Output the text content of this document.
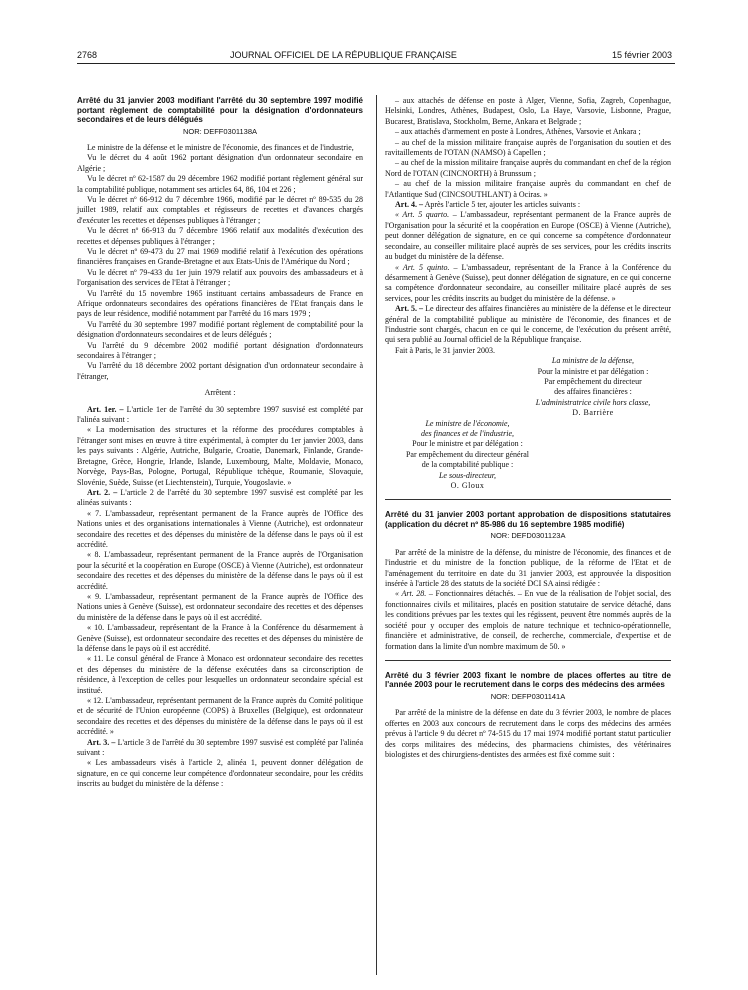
2768	JOURNAL OFFICIEL DE LA RÉPUBLIQUE FRANÇAISE	15 février 2003

Arrêté du 31 janvier 2003 modifiant l'arrêté du 30 septembre 1997 modifié portant règlement de comptabilité pour la désignation d'ordonnateurs secondaires et de leurs délégués

NOR: DEFF0301138A

Le ministre de la défense et le ministre de l'économie, des finances et de l'industrie,

Vu le décret du 4 août 1962 portant désignation d'un ordonnateur secondaire en Algérie ;

Vu le décret nº 62-1587 du 29 décembre 1962 modifié portant règlement général sur la comptabilité publique, notamment ses articles 64, 86, 104 et 226 ;

Vu le décret nº 66-912 du 7 décembre 1966, modifié par le décret nº 89-535 du 28 juillet 1989, relatif aux comptables et régisseurs de recettes et d'avances chargés d'exécuter les recettes et dépenses publiques à l'étranger ;

Vu le décret nº 66-913 du 7 décembre 1966 relatif aux modalités d'exécution des recettes et dépenses publiques à l'étranger ;

Vu le décret nº 69-473 du 27 mai 1969 modifié relatif à l'exécution des opérations financières françaises en Grande-Bretagne et aux Etats-Unis de l'Amérique du Nord ;

Vu le décret nº 79-433 du 1er juin 1979 relatif aux pouvoirs des ambassadeurs et à l'organisation des services de l'Etat à l'étranger ;

Vu l'arrêté du 15 novembre 1965 instituant certains ambassadeurs de France en Afrique ordonnateurs secondaires des opérations financières de l'Etat français dans le pays de leur résidence, modifié notamment par l'arrêté du 16 mars 1979 ;

Vu l'arrêté du 30 septembre 1997 modifié portant règlement de comptabilité pour la désignation d'ordonnateurs secondaires et de leurs délégués ;

Vu l'arrêté du 9 décembre 2002 modifié portant désignation d'ordonnateurs secondaires à l'étranger ;

Vu l'arrêté du 18 décembre 2002 portant désignation d'un ordonnateur secondaire à l'étranger,

Arrêtent :

Art. 1er. – L'article 1er de l'arrêté du 30 septembre 1997 susvisé est complété par l'alinéa suivant :

« La modernisation des structures et la réforme des procédures comptables à l'étranger sont mises en œuvre à titre expérimental, à compter du 1er janvier 2003, dans les pays suivants : Algérie, Autriche, Bulgarie, Croatie, Danemark, Finlande, Grande-Bretagne, Grèce, Hongrie, Irlande, Islande, Luxembourg, Malte, Moldavie, Monaco, Norvège, Pays-Bas, Pologne, Portugal, République tchèque, Roumanie, Slovaquie, Slovénie, Suède, Suisse (et Liechtenstein), Turquie, Yougoslavie. »

Art. 2. – L'article 2 de l'arrêté du 30 septembre 1997 susvisé est complété par les alinéas suivants :

« 7. L'ambassadeur, représentant permanent de la France auprès de l'Office des Nations unies et des organisations internationales à Vienne (Autriche), est ordonnateur secondaire des recettes et des dépenses du ministère de la défense dans le pays où il est accrédité.

« 8. L'ambassadeur, représentant permanent de la France auprès de l'Organisation pour la sécurité et la coopération en Europe (OSCE) à Vienne (Autriche), est ordonnateur secondaire des recettes et des dépenses du ministère de la défense dans le pays où il est accrédité.

« 9. L'ambassadeur, représentant permanent de la France auprès de l'Office des Nations unies à Genève (Suisse), est ordonnateur secondaire des recettes et des dépenses du ministère de la défense dans le pays où il est accrédité.

« 10. L'ambassadeur, représentant de la France à la Conférence du désarmement à Genève (Suisse), est ordonnateur secondaire des recettes et des dépenses du ministère de la défense dans le pays où il est accrédité.

« 11. Le consul général de France à Monaco est ordonnateur secondaire des recettes et des dépenses du ministère de la défense exécutées dans sa circonscription de résidence, à l'exception de celles pour lesquelles un ordonnateur secondaire spécial est institué.

« 12. L'ambassadeur, représentant permanent de la France auprès du Comité politique et de sécurité de l'Union européenne (COPS) à Bruxelles (Belgique), est ordonnateur secondaire des recettes et des dépenses du ministère de la défense dans le pays où il est accrédité. »

Art. 3. – L'article 3 de l'arrêté du 30 septembre 1997 susvisé est complété par l'alinéa suivant :

« Les ambassadeurs visés à l'article 2, alinéa 1, peuvent donner délégation de signature, en ce qui concerne leur compétence d'ordonnateur secondaire, pour les crédits inscrits au budget du ministère de la défense :

– aux attachés de défense en poste à Alger, Vienne, Sofia, Zagreb, Copenhague, Helsinki, Londres, Athènes, Budapest, Oslo, La Haye, Varsovie, Lisbonne, Prague, Bucarest, Bratislava, Stockholm, Berne, Ankara et Belgrade ;

– aux attachés d'armement en poste à Londres, Athènes, Varsovie et Ankara ;

– au chef de la mission militaire française auprès de l'organisation du soutien et des ravitaillements de l'OTAN (NAMSO) à Capellen ;

– au chef de la mission militaire française auprès du commandant en chef de la région Nord de l'OTAN (CINCNORTH) à Brunssum ;

– au chef de la mission militaire française auprès du commandant en chef de l'Atlantique Sud (CINCSOUTHLANT) à Ociras. »

Art. 4. – Après l'article 5 ter, ajouter les articles suivants :

« Art. 5 quarto. – L'ambassadeur, représentant permanent de la France auprès de l'Organisation pour la sécurité et la coopération en Europe (OSCE) à Vienne (Autriche), peut donner délégation de signature, en ce qui concerne sa compétence d'ordonnateur secondaire, au conseiller militaire placé auprès de ses services, pour les crédits inscrits au budget du ministère de la défense.

« Art. 5 quinto. – L'ambassadeur, représentant de la France à la Conférence du désarmement à Genève (Suisse), peut donner délégation de signature, en ce qui concerne sa compétence d'ordonnateur secondaire, au conseiller militaire placé auprès de ses services, pour les crédits inscrits au budget du ministère de la défense. »

Art. 5. – Le directeur des affaires financières au ministère de la défense et le directeur général de la comptabilité publique au ministère de l'économie, des finances et de l'industrie sont chargés, chacun en ce qui le concerne, de l'exécution du présent arrêté, qui sera publié au Journal officiel de la République française.

Fait à Paris, le 31 janvier 2003.

La ministre de la défense,

Pour la ministre et par délégation :

Par empêchement du directeur

des affaires financières :

L'administratrice civile hors classe,

D. Barrière

Le ministre de l'économie,

des finances et de l'industrie,

Pour le ministre et par délégation :

Par empêchement du directeur général

de la comptabilité publique :

Le sous-directeur,

O. Gloux

Arrêté du 31 janvier 2003 portant approbation de dispositions statutaires (application du décret nº 85-986 du 16 septembre 1985 modifié)

NOR: DEFD0301123A

Par arrêté de la ministre de la défense, du ministre de l'économie, des finances et de l'industrie et du ministre de la fonction publique, de la réforme de l'Etat et de l'aménagement du territoire en date du 31 janvier 2003, est approuvée la disposition insérée à l'article 28 des statuts de la société DCI SA ainsi rédigée :

« Art. 28. – Fonctionnaires détachés. – En vue de la réalisation de l'objet social, des fonctionnaires civils et militaires, placés en position statutaire de service détaché, dans les conditions prévues par les textes qui les régissent, peuvent être nommés auprès de la société pour y occuper des emplois de nature technique et technico-opérationnelle, financière et administrative, de conseil, de recherche, commerciale, d'expertise et de formation dans la limite d'un nombre maximum de 50. »

Arrêté du 3 février 2003 fixant le nombre de places offertes au titre de l'année 2003 pour le recrutement dans le corps des médecins des armées

NOR: DEFP0301141A

Par arrêté de la ministre de la défense en date du 3 février 2003, le nombre de places offertes en 2003 aux concours de recrutement dans le corps des médecins des armées prévus à l'article 9 du décret nº 74-515 du 17 mai 1974 modifié portant statut particulier des corps militaires des médecins, des pharmaciens chimistes, des vétérinaires biologistes et des chirurgiens-dentistes des armées est fixé comme suit :
